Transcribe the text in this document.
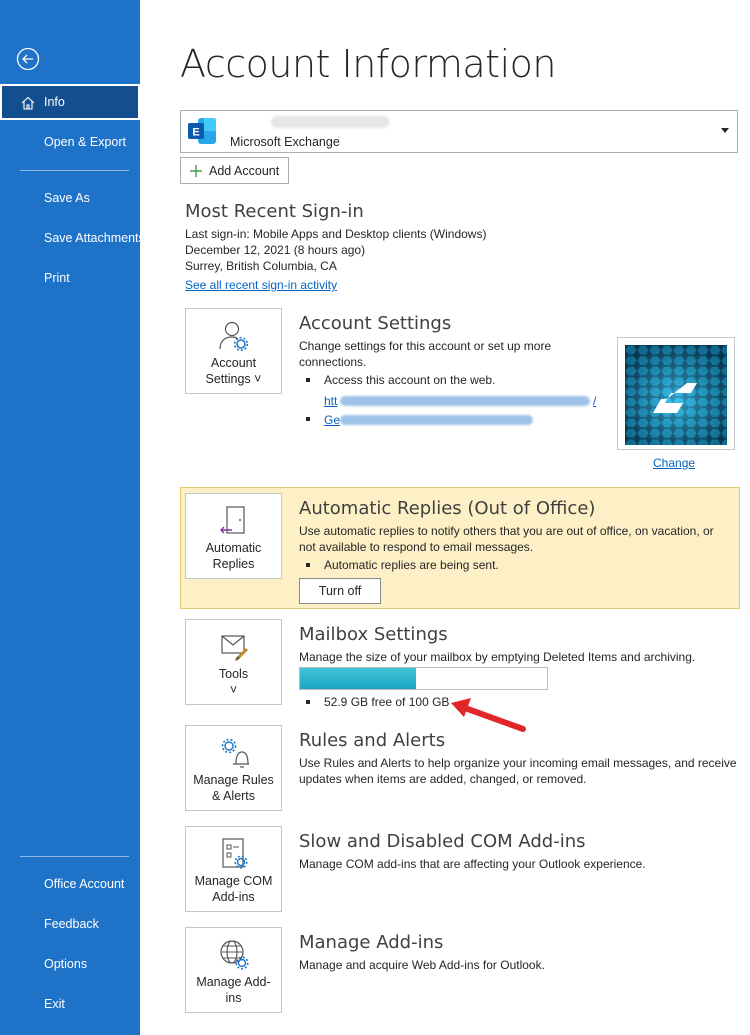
Info
Open & Export
Save As
Save Attachments
Print
Office Account
Feedback
Options
Exit
Account Information
E
Microsoft Exchange
Add Account
Most Recent Sign-in
Last sign-in: Mobile Apps and Desktop clients (Windows)
December 12, 2021 (8 hours ago)
Surrey, British Columbia, CA
See all recent sign-in activity
Account
Settings ˅
Account Settings
Change settings for this account or set up more connections.
Access this account on the web.
htt	/
Ge
Change
Automatic
Replies
Automatic Replies (Out of Office)
Use automatic replies to notify others that you are out of office, on vacation, or not available to respond to email messages.
Automatic replies are being sent.
Turn off
Tools
˅
Mailbox Settings
Manage the size of your mailbox by emptying Deleted Items and archiving.
52.9 GB free of 100 GB
Manage Rules
& Alerts
Rules and Alerts
Use Rules and Alerts to help organize your incoming email messages, and receive updates when items are added, changed, or removed.
Manage COM
Add-ins
Slow and Disabled COM Add-ins
Manage COM add-ins that are affecting your Outlook experience.
Manage Add-
ins
Manage Add-ins
Manage and acquire Web Add-ins for Outlook.
